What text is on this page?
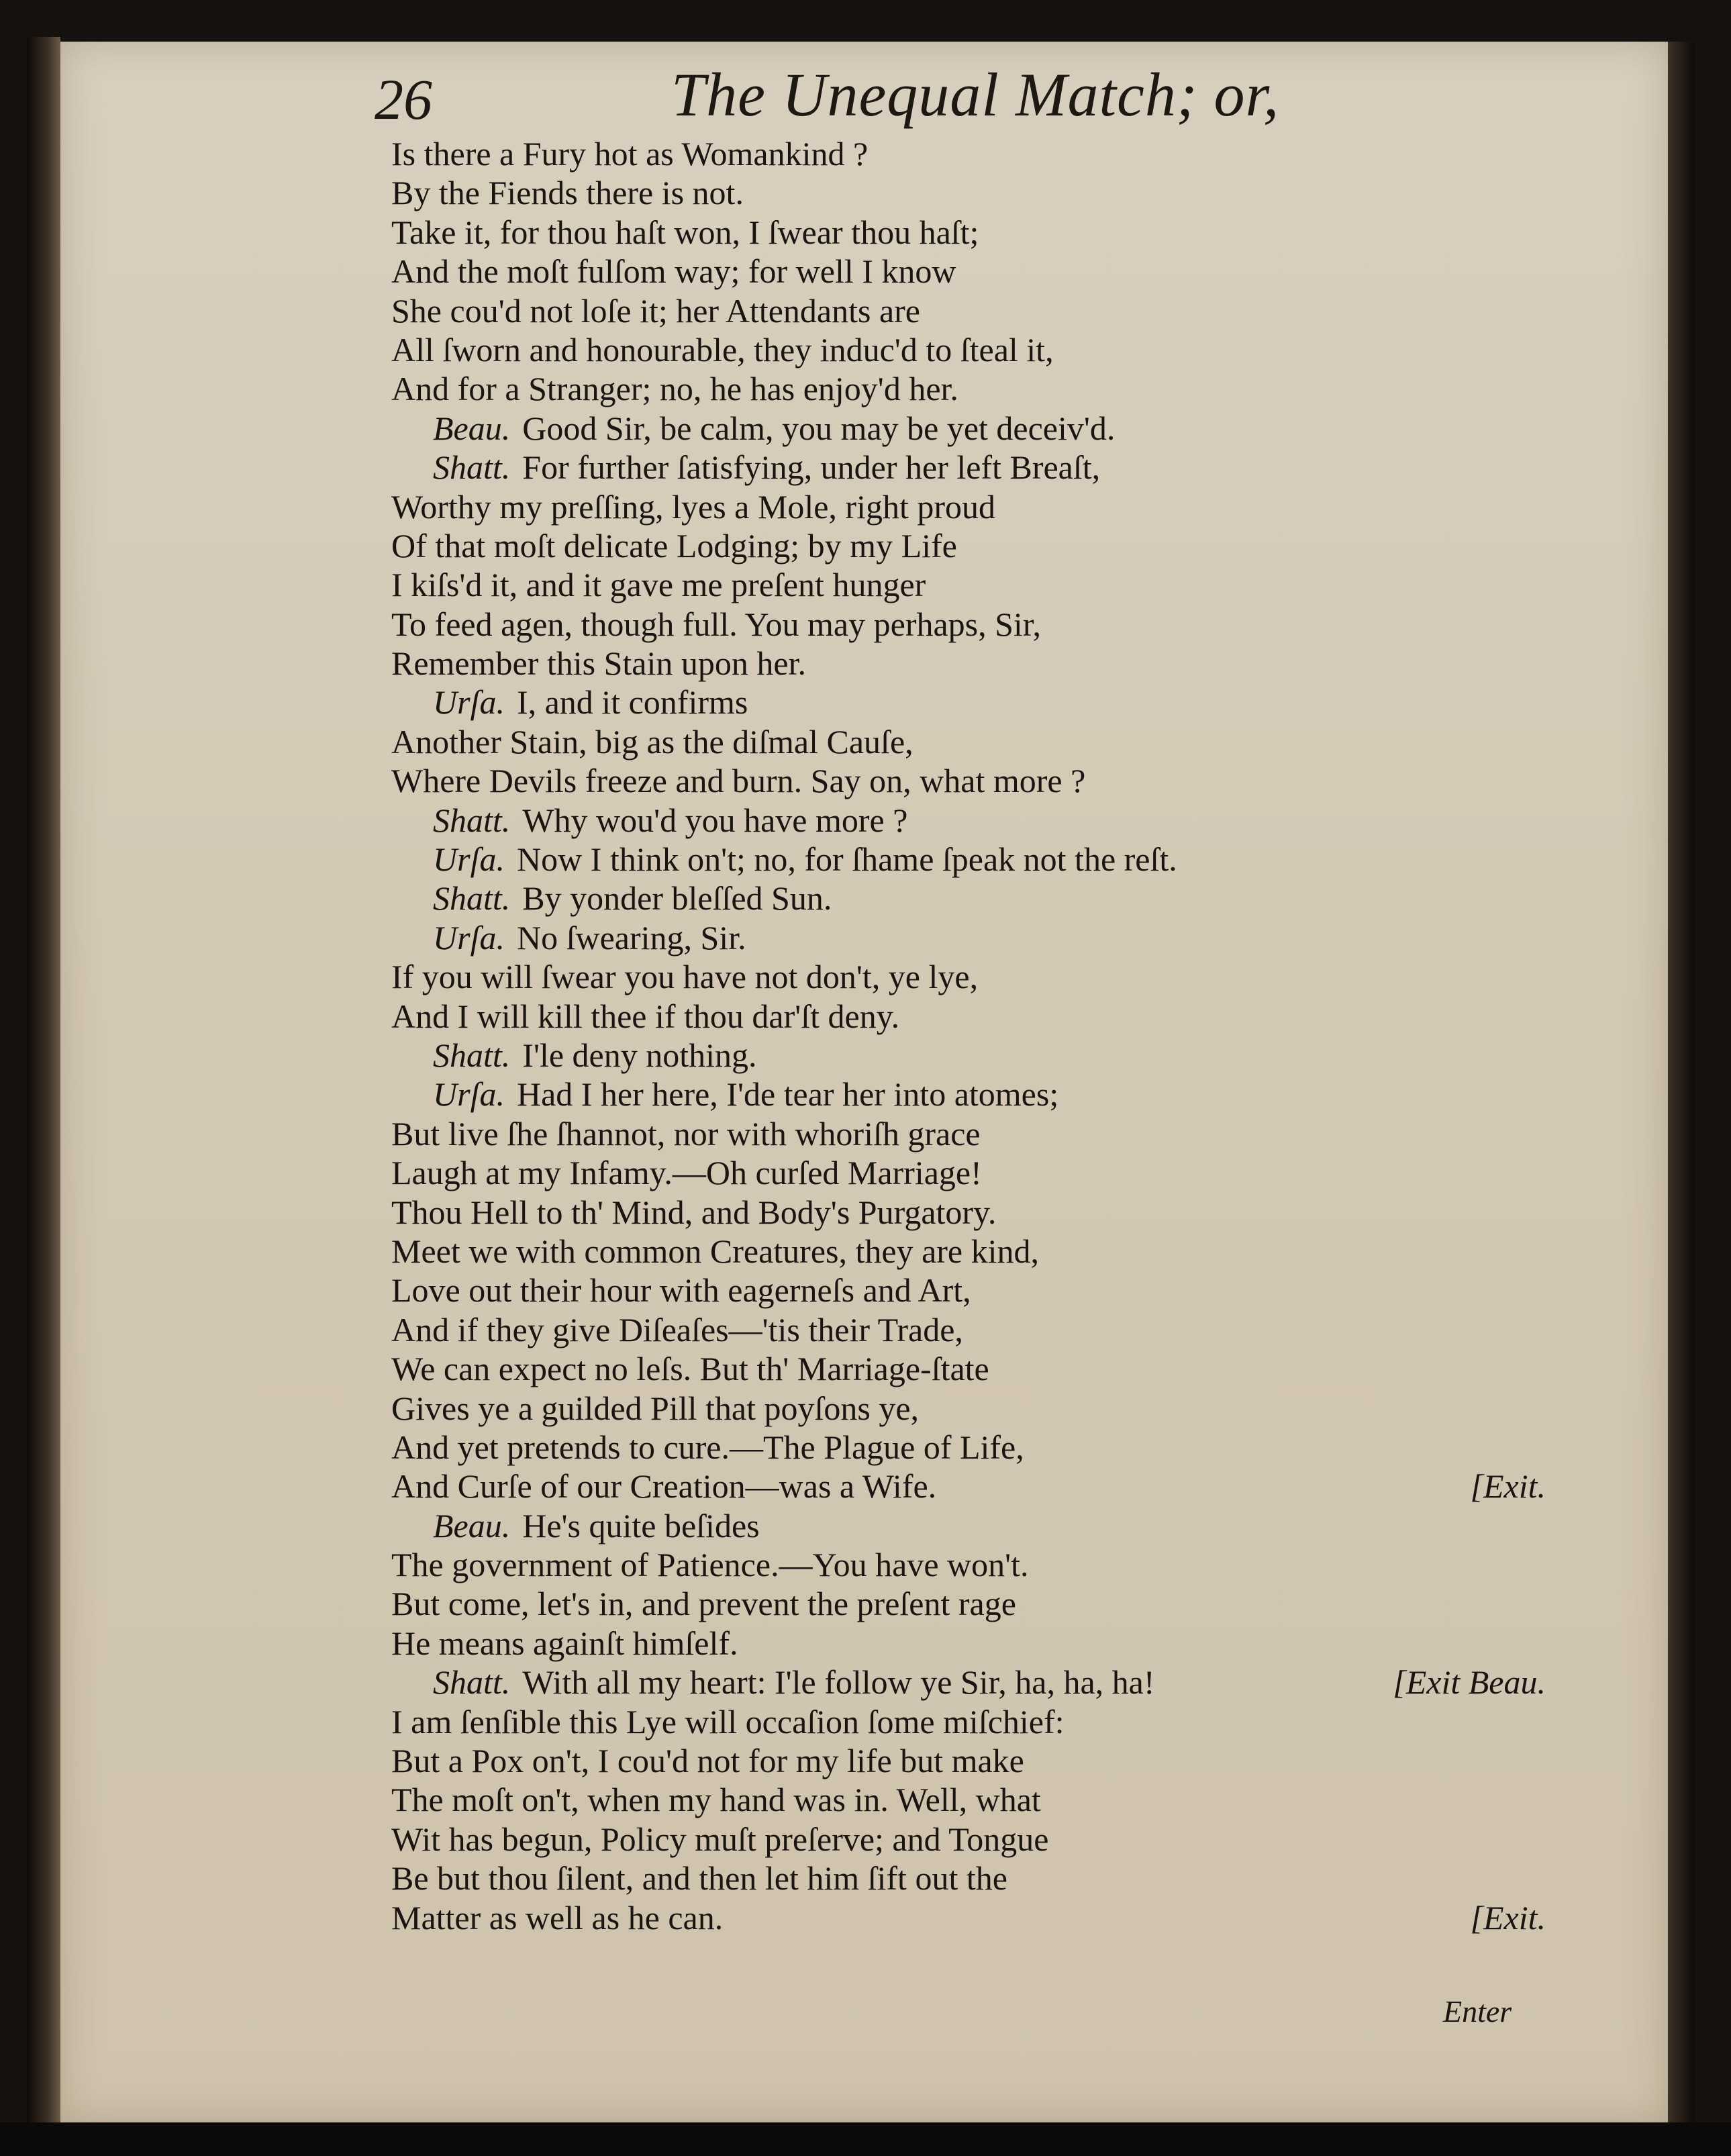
26	The Unequal Match; or,
Is there a Fury hot as Womankind ?
By the Fiends there is not.
Take it, for thou haſt won, I ſwear thou haſt;
And the moſt fulſom way; for well I know
She cou'd not loſe it; her Attendants are
All ſworn and honourable, they induc'd to ſteal it,
And for a Stranger; no, he has enjoy'd her.
Beau. Good Sir, be calm, you may be yet deceiv'd.
Shatt. For further ſatisfying, under her left Breaſt,
Worthy my preſſing, lyes a Mole, right proud
Of that moſt delicate Lodging; by my Life
I kiſs'd it, and it gave me preſent hunger
To feed agen, though full. You may perhaps, Sir,
Remember this Stain upon her.
Urſa. I, and it confirms
Another Stain, big as the diſmal Cauſe,
Where Devils freeze and burn. Say on, what more ?
Shatt. Why wou'd you have more ?
Urſa. Now I think on't; no, for ſhame ſpeak not the reſt.
Shatt. By yonder bleſſed Sun.
Urſa. No ſwearing, Sir.
If you will ſwear you have not don't, ye lye,
And I will kill thee if thou dar'ſt deny.
Shatt. I'le deny nothing.
Urſa. Had I her here, I'de tear her into atomes;
But live ſhe ſhannot, nor with whoriſh grace
Laugh at my Infamy.—Oh curſed Marriage!
Thou Hell to th' Mind, and Body's Purgatory.
Meet we with common Creatures, they are kind,
Love out their hour with eagerneſs and Art,
And if they give Diſeaſes—'tis their Trade,
We can expect no leſs. But th' Marriage-ſtate
Gives ye a guilded Pill that poyſons ye,
And yet pretends to cure.—The Plague of Life,
And Curſe of our Creation—was a Wife.	[Exit.
Beau. He's quite beſides
The government of Patience.—You have won't.
But come, let's in, and prevent the preſent rage
He means againſt himſelf.
Shatt. With all my heart: I'le follow ye Sir, ha, ha, ha!	[Exit Beau.
I am ſenſible this Lye will occaſion ſome miſchief:
But a Pox on't, I cou'd not for my life but make
The moſt on't, when my hand was in. Well, what
Wit has begun, Policy muſt preſerve; and Tongue
Be but thou ſilent, and then let him ſift out the
Matter as well as he can.	[Exit.
Enter
